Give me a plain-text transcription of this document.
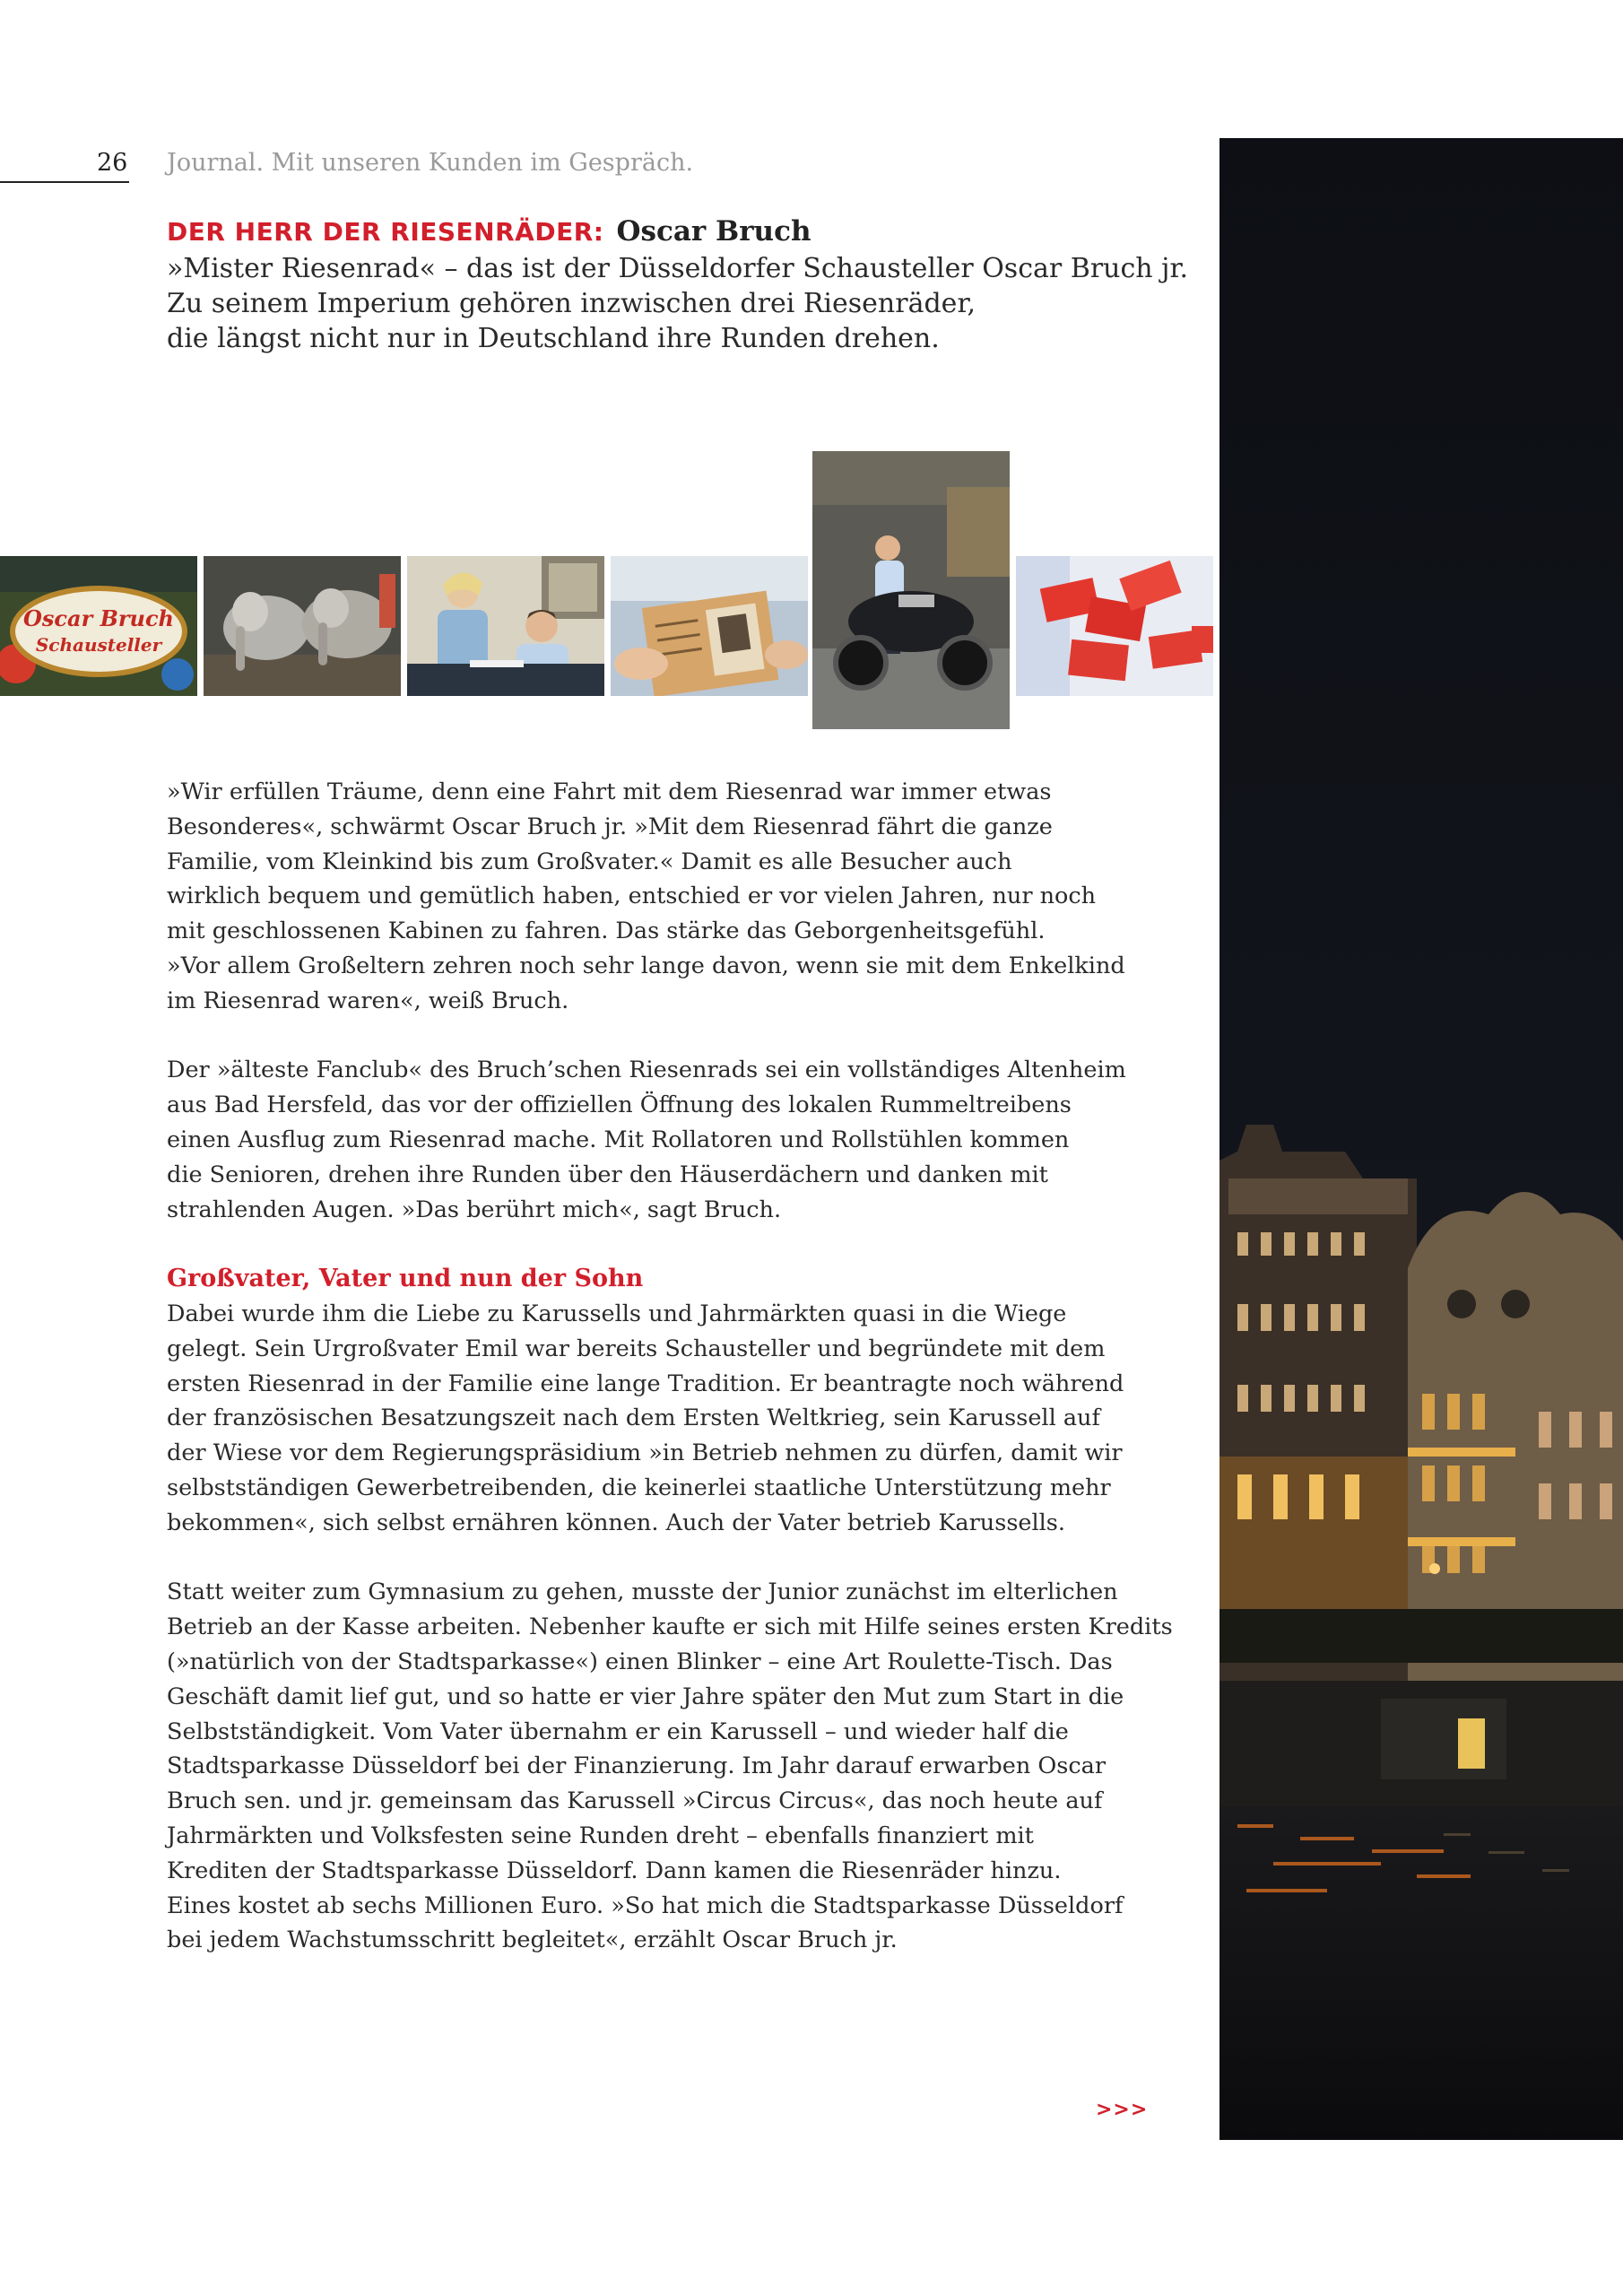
26 Journal. Mit unseren Kunden im Gespräch.
DER HERR DER RIESENRÄDER: Oscar Bruch
»Mister Riesenrad« – das ist der Düsseldorfer Schausteller Oscar Bruch jr.
Zu seinem Imperium gehören inzwischen drei Riesenräder,
die längst nicht nur in Deutschland ihre Runden drehen.
Oscar Bruch
Schausteller
»Wir erfüllen Träume, denn eine Fahrt mit dem Riesenrad war immer etwas
Besonderes«, schwärmt Oscar Bruch jr. »Mit dem Riesenrad fährt die ganze
Familie, vom Kleinkind bis zum Großvater.« Damit es alle Besucher auch
wirklich bequem und gemütlich haben, entschied er vor vielen Jahren, nur noch
mit geschlossenen Kabinen zu fahren. Das stärke das Geborgenheitsgefühl.
»Vor allem Großeltern zehren noch sehr lange davon, wenn sie mit dem Enkelkind
im Riesenrad waren«, weiß Bruch.
Der »älteste Fanclub« des Bruch’schen Riesenrads sei ein vollständiges Altenheim
aus Bad Hersfeld, das vor der offiziellen Öffnung des lokalen Rummeltreibens
einen Ausflug zum Riesenrad mache. Mit Rollatoren und Rollstühlen kommen
die Senioren, drehen ihre Runden über den Häuserdächern und danken mit
strahlenden Augen. »Das berührt mich«, sagt Bruch.
Großvater, Vater und nun der Sohn
Dabei wurde ihm die Liebe zu Karussells und Jahrmärkten quasi in die Wiege
gelegt. Sein Urgroßvater Emil war bereits Schausteller und begründete mit dem
ersten Riesenrad in der Familie eine lange Tradition. Er beantragte noch während
der französischen Besatzungszeit nach dem Ersten Weltkrieg, sein Karussell auf
der Wiese vor dem Regierungspräsidium »in Betrieb nehmen zu dürfen, damit wir
selbstständigen Gewerbetreibenden, die keinerlei staatliche Unterstützung mehr
bekommen«, sich selbst ernähren können. Auch der Vater betrieb Karussells.
Statt weiter zum Gymnasium zu gehen, musste der Junior zunächst im elterlichen
Betrieb an der Kasse arbeiten. Nebenher kaufte er sich mit Hilfe seines ersten Kredits
(»natürlich von der Stadtsparkasse«) einen Blinker – eine Art Roulette-Tisch. Das
Geschäft damit lief gut, und so hatte er vier Jahre später den Mut zum Start in die
Selbstständigkeit. Vom Vater übernahm er ein Karussell – und wieder half die
Stadtsparkasse Düsseldorf bei der Finanzierung. Im Jahr darauf erwarben Oscar
Bruch sen. und jr. gemeinsam das Karussell »Circus Circus«, das noch heute auf
Jahrmärkten und Volksfesten seine Runden dreht – ebenfalls finanziert mit
Krediten der Stadtsparkasse Düsseldorf. Dann kamen die Riesenräder hinzu.
Eines kostet ab sechs Millionen Euro. »So hat mich die Stadtsparkasse Düsseldorf
bei jedem Wachstumsschritt begleitet«, erzählt Oscar Bruch jr.
>>>
